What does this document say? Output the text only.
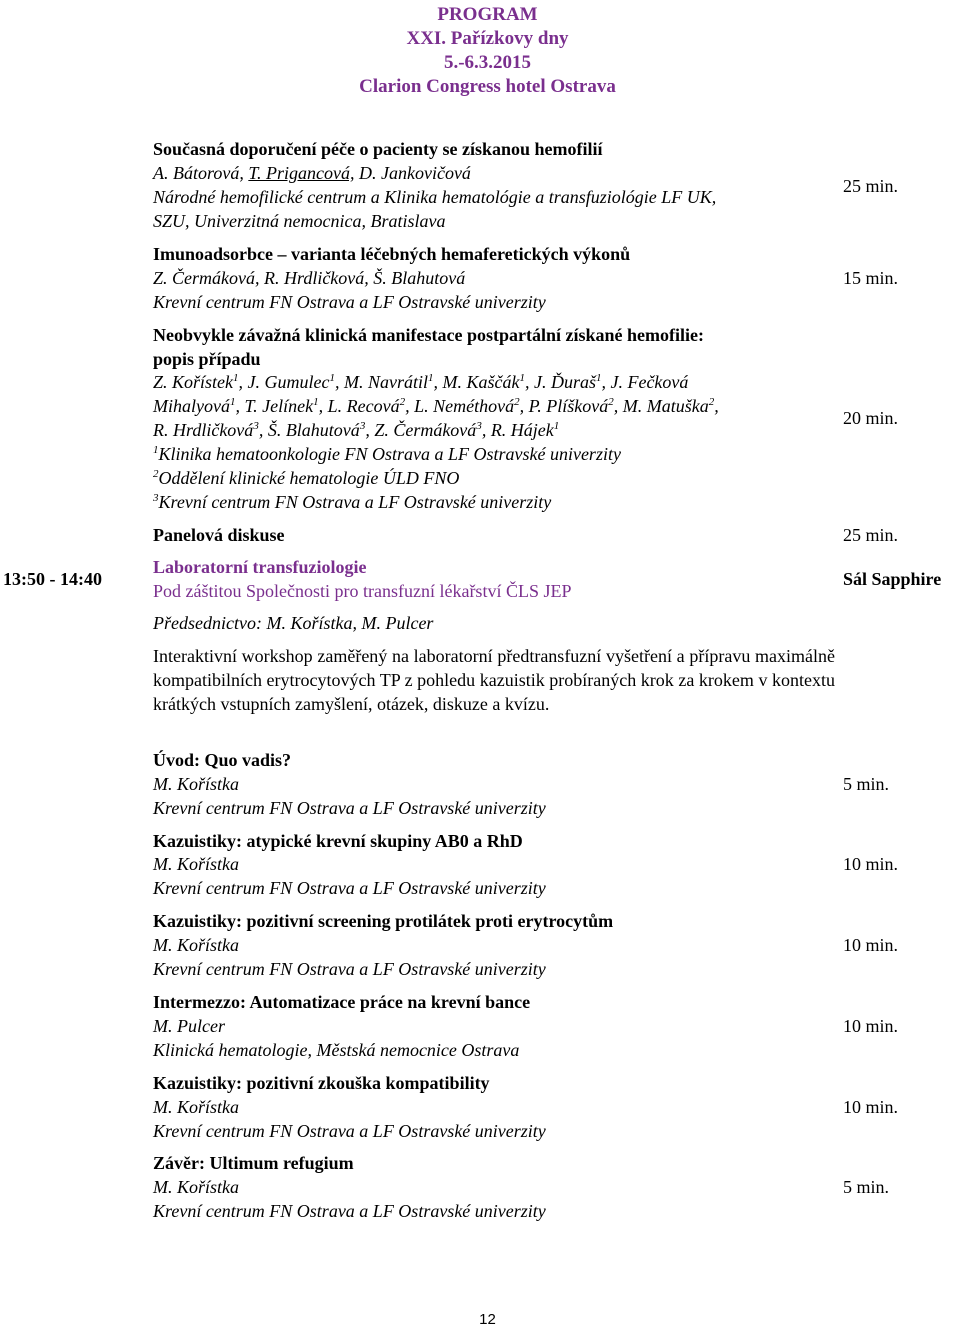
PROGRAM
XXI. Pařízkovy dny
5.-6.3.2015
Clarion Congress hotel Ostrava
Současná doporučení péče o pacienty se získanou hemofilií
A. Bátorová, T. Prigancová, D. Jankovičová
Národné hemofilické centrum a Klinika hematológie a transfuziológie LF UK,
SZU, Univerzitná nemocnica, Bratislava
25 min.
Imunoadsorbce – varianta léčebných hemaferetických výkonů
Z. Čermáková, R. Hrdličková, Š. Blahutová
Krevní centrum FN Ostrava a LF Ostravské univerzity
15 min.
Neobvykle závažná klinická manifestace postpartální získané hemofilie:
popis případu
Z. Kořístek$^1$, J. Gumulec$^1$, M. Navrátil$^1$, M. Kaščák$^1$, J. Ďuraš$^1$, J. Fečková
Mihalyová$^1$, T. Jelínek$^1$, L. Recová$^2$, L. Neméthová$^2$, P. Plíšková$^2$, M. Matuška$^2$,
R. Hrdličková$^3$, Š. Blahutová$^3$, Z. Čermáková$^3$, R. Hájek$^1$
$^1$Klinika hematoonkologie FN Ostrava a LF Ostravské univerzity
$^2$Oddělení klinické hematologie ÚLD FNO
$^3$Krevní centrum FN Ostrava a LF Ostravské univerzity
20 min.
Panelová diskuse	25 min.
13:50 - 14:40
Laboratorní transfuziologie
Pod záštitou Společnosti pro transfuzní lékařství ČLS JEP
Sál Sapphire
Předsednictvo: M. Kořístka, M. Pulcer
Interaktivní workshop zaměřený na laboratorní předtransfuzní vyšetření a přípravu maximálně kompatibilních erytrocytových TP z pohledu kazuistik probíraných krok za krokem v kontextu krátkých vstupních zamyšlení, otázek, diskuze a kvízu.
Úvod: Quo vadis?
M. Kořístka
Krevní centrum FN Ostrava a LF Ostravské univerzity
5 min.
Kazuistiky: atypické krevní skupiny AB0 a RhD
M. Kořístka
Krevní centrum FN Ostrava a LF Ostravské univerzity
10 min.
Kazuistiky: pozitivní screening protilátek proti erytrocytům
M. Kořístka
Krevní centrum FN Ostrava a LF Ostravské univerzity
10 min.
Intermezzo: Automatizace práce na krevní bance
M. Pulcer
Klinická hematologie, Městská nemocnice Ostrava
10 min.
Kazuistiky: pozitivní zkouška kompatibility
M. Kořístka
Krevní centrum FN Ostrava a LF Ostravské univerzity
10 min.
Závěr: Ultimum refugium
M. Kořístka
Krevní centrum FN Ostrava a LF Ostravské univerzity
5 min.
12
